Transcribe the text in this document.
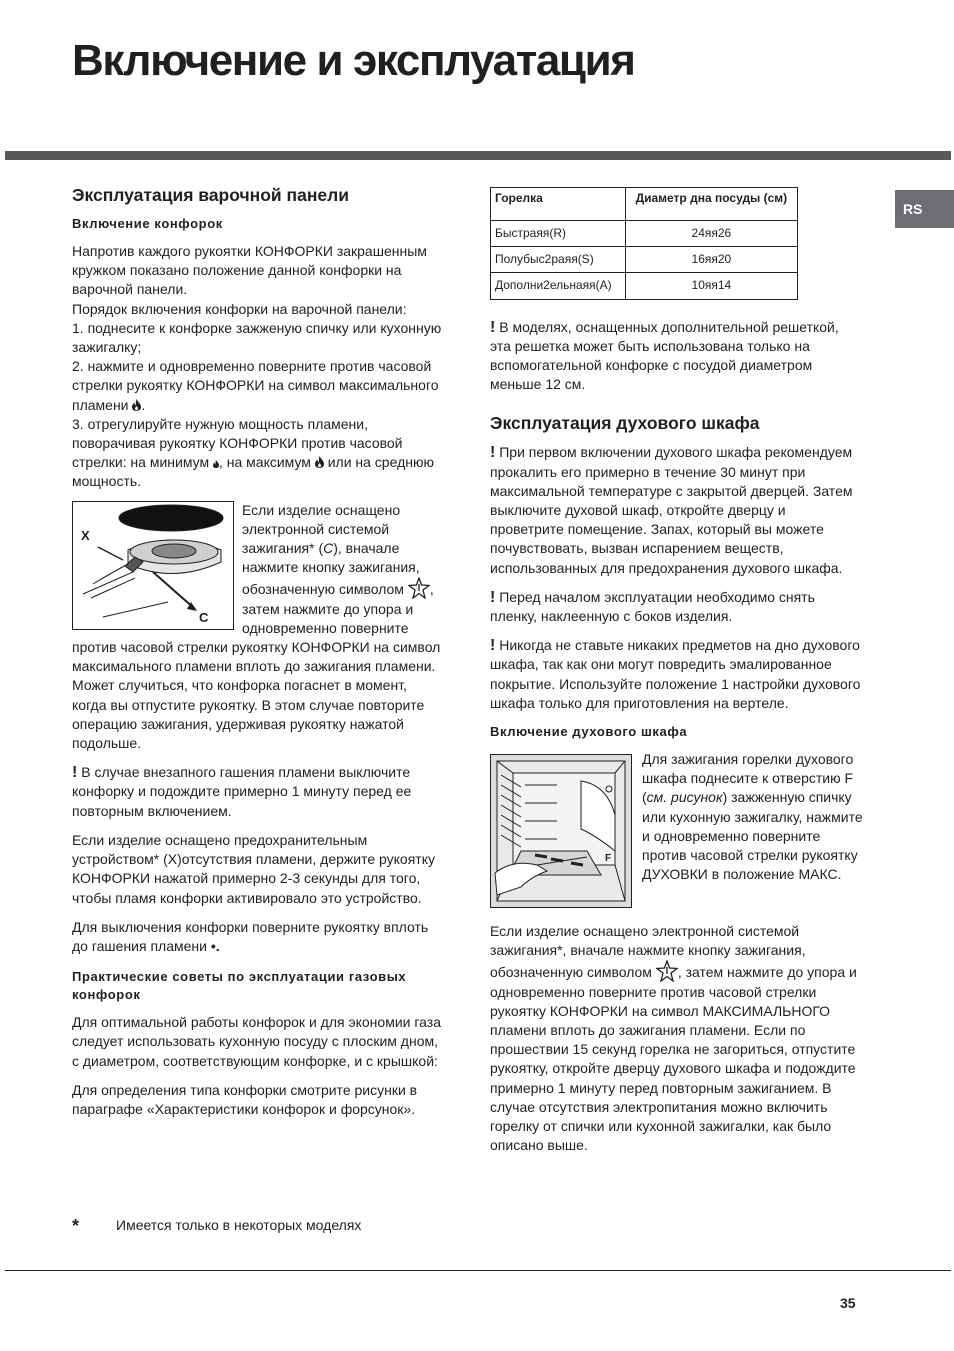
Включение и эксплуатация
RS
Эксплуатация варочной панели
Включение конфорок
Напротив каждого рукоятки КОНФОРКИ закрашенным кружком показано положение данной конфорки на варочной панели.
Порядок включения конфорки на варочной панели:
1. поднесите к конфорке зажженую спичку или кухонную зажигалку;
2. нажмите и одновременно поверните против часовой стрелки рукоятку КОНФОРКИ на символ максимального пламени .
3. отрегулируйте нужную мощность пламени, поворачивая рукоятку КОНФОРКИ против часовой стрелки: на минимум , на максимум или на среднюю мощность.
X
C
Если изделие оснащено электронной системой зажигания* (C), вначале нажмите кнопку зажигания, обозначенную символом , затем нажмите до упора и одновременно поверните против часовой стрелки рукоятку КОНФОРКИ на символ максимального пламени вплоть до зажигания пламени. Может случиться, что конфорка погаснет в момент, когда вы отпустите рукоятку. В этом случае повторите операцию зажигания, удерживая рукоятку нажатой подольше.

! В случае внезапного гашения пламени выключите конфорку и подождите примерно 1 минуту перед ее повторным включением.

Если изделие оснащено предохранительным устройством* (X)отсутствия пламени, держите рукоятку КОНФОРКИ нажатой примерно 2-3 секунды для того, чтобы пламя конфорки активировало это устройство.

Для выключения конфорки поверните рукоятку вплоть до гашения пламени •.

Практические советы по эксплуатации газовых конфорок

Для оптимальной работы конфорок и для экономии газа следует использовать кухонную посуду с плоским дном, с диаметром, соответствующим конфорке, и с крышкой:

Для определения типа конфорки смотрите рисунки в параграфе «Характеристики конфорок и форсунок».

Горелка	Диаметр дна посуды (см)
Быстраяя(R)	24яя26
Полубыс2раяя(S)	16яя20
Дополни2ельнаяя(A)	10яя14

! В моделях, оснащенных дополнительной решеткой, эта решетка может быть использована только на вспомогательной конфорке с посудой диаметром меньше 12 см.

Эксплуатация духового шкафа

! При первом включении духового шкафа рекомендуем прокалить его примерно в течение 30 минут при максимальной температуре с закрытой дверцей. Затем выключите духовой шкаф, откройте дверцу и проветрите помещение. Запах, который вы можете почувствовать, вызван испарением веществ, использованных для предохранения духового шкафа.

! Перед началом эксплуатации необходимо снять пленку, наклеенную с боков изделия.

! Никогда не ставьте никаких предметов на дно духового шкафа, так как они могут повредить эмалированное покрытие. Используйте положение 1 настройки духового шкафа только для приготовления на вертеле.

Включение духового шкафа
F
Для зажигания горелки духового шкафа поднесите к отверстию F (см. рисунок) зажженную спичку или кухонную зажигалку, нажмите и одновременно поверните против часовой стрелки рукоятку ДУХОВКИ в положение МАКС.

Если изделие оснащено электронной системой зажигания*, вначале нажмите кнопку зажигания, обозначенную символом , затем нажмите до упора и одновременно поверните против часовой стрелки рукоятку КОНФОРКИ на символ МАКСИМАЛЬНОГО пламени вплоть до зажигания пламени. Если по прошествии 15 секунд горелка не загориться, отпустите рукоятку, откройте дверцу духового шкафа и подождите примерно 1 минуту перед повторным зажиганием. В случае отсутствия электропитания можно включить горелку от спички или кухонной зажигалки, как было описано выше.

*	Имеется только в некоторых моделях
35
